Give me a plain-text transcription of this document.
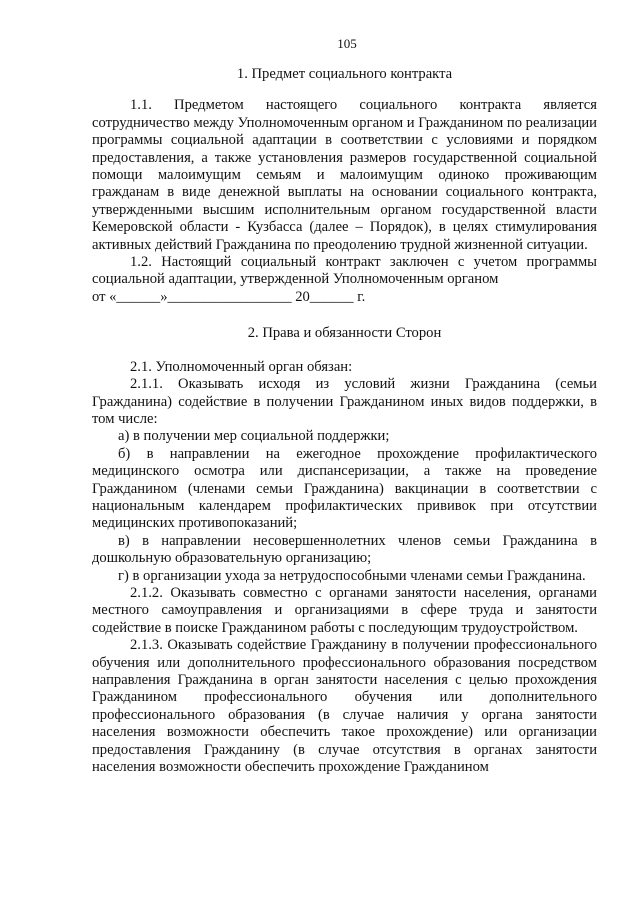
105
1. Предмет социального контракта

1.1. Предметом настоящего социального контракта является сотрудничество между Уполномоченным органом и Гражданином по реализации программы социальной адаптации в соответствии с условиями и порядком предоставления, а также установления размеров государственной социальной помощи малоимущим семьям и малоимущим одиноко проживающим гражданам в виде денежной выплаты на основании социального контракта, утвержденными высшим исполнительным органом государственной власти Кемеровской области - Кузбасса (далее – Порядок), в целях стимулирования активных действий Гражданина по преодолению трудной жизненной ситуации.

1.2. Настоящий социальный контракт заключен с учетом программы социальной адаптации, утвержденной Уполномоченным органом

от «______»_________________ 20______ г.

2. Права и обязанности Сторон

2.1. Уполномоченный орган обязан:

2.1.1. Оказывать исходя из условий жизни Гражданина (семьи Гражданина) содействие в получении Гражданином иных видов поддержки, в том числе:

а) в получении мер социальной поддержки;

б) в направлении на ежегодное прохождение профилактического медицинского осмотра или диспансеризации, а также на проведение Гражданином (членами семьи Гражданина) вакцинации в соответствии с национальным календарем профилактических прививок при отсутствии медицинских противопоказаний;

в) в направлении несовершеннолетних членов семьи Гражданина в дошкольную образовательную организацию;

г) в организации ухода за нетрудоспособными членами семьи Гражданина.

2.1.2. Оказывать совместно с органами занятости населения, органами местного самоуправления и организациями в сфере труда и занятости содействие в поиске Гражданином работы с последующим трудоустройством.

2.1.3. Оказывать содействие Гражданину в получении профессионального обучения или дополнительного профессионального образования посредством направления Гражданина в орган занятости населения с целью прохождения Гражданином профессионального обучения или дополнительного профессионального образования (в случае наличия у органа занятости населения возможности обеспечить такое прохождение) или организации предоставления Гражданину (в случае отсутствия в органах занятости населения возможности обеспечить прохождение Гражданином
